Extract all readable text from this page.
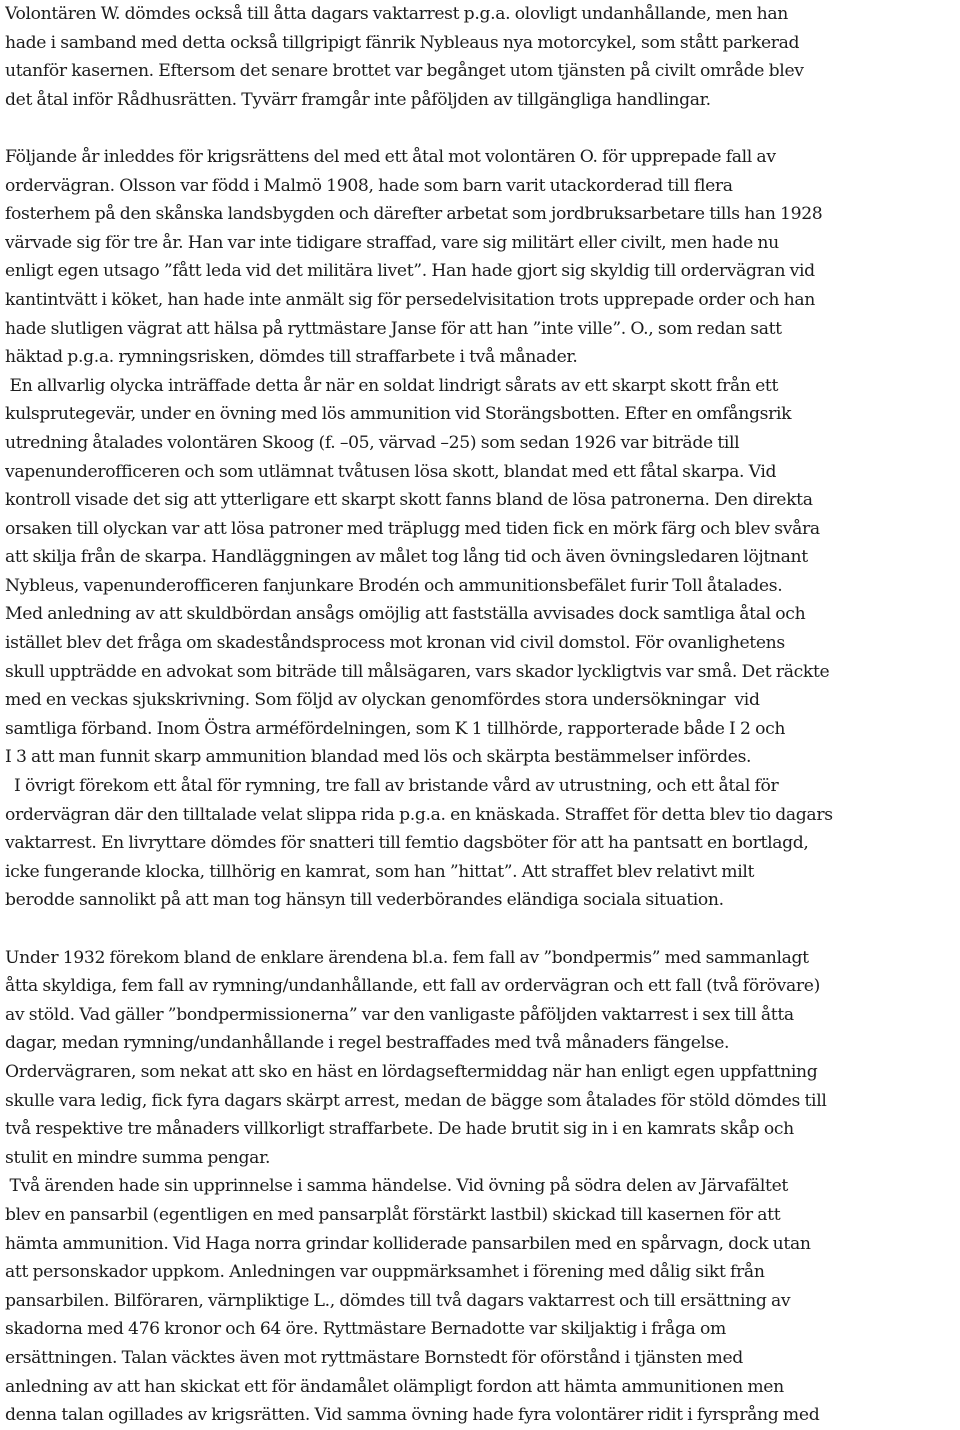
Volontären W. dömdes också till åtta dagars vaktarrest p.g.a. olovligt undanhållande, men han
hade i samband med detta också tillgripigt fänrik Nybleaus nya motorcykel, som stått parkerad
utanför kasernen. Eftersom det senare brottet var begånget utom tjänsten på civilt område blev
det åtal inför Rådhusrätten. Tyvärr framgår inte påföljden av tillgängliga handlingar.
Följande år inleddes för krigsrättens del med ett åtal mot volontären O. för upprepade fall av
ordervägran. Olsson var född i Malmö 1908, hade som barn varit utackorderad till flera
fosterhem på den skånska landsbygden och därefter arbetat som jordbruksarbetare tills han 1928
värvade sig för tre år. Han var inte tidigare straffad, vare sig militärt eller civilt, men hade nu
enligt egen utsago ”fått leda vid det militära livet”. Han hade gjort sig skyldig till ordervägran vid
kantintvätt i köket, han hade inte anmält sig för persedelvisitation trots upprepade order och han
hade slutligen vägrat att hälsa på ryttmästare Janse för att han ”inte ville”. O., som redan satt
häktad p.g.a. rymningsrisken, dömdes till straffarbete i två månader.
En allvarlig olycka inträffade detta år när en soldat lindrigt sårats av ett skarpt skott från ett
kulsprutegevär, under en övning med lös ammunition vid Storängsbotten. Efter en omfångsrik
utredning åtalades volontären Skoog (f. –05, värvad –25) som sedan 1926 var biträde till
vapenunderofficeren och som utlämnat tvåtusen lösa skott, blandat med ett fåtal skarpa. Vid
kontroll visade det sig att ytterligare ett skarpt skott fanns bland de lösa patronerna. Den direkta
orsaken till olyckan var att lösa patroner med träplugg med tiden fick en mörk färg och blev svåra
att skilja från de skarpa. Handläggningen av målet tog lång tid och även övningsledaren löjtnant
Nybleus, vapenunderofficeren fanjunkare Brodén och ammunitionsbefälet furir Toll åtalades.
Med anledning av att skuldbördan ansågs omöjlig att fastställa avvisades dock samtliga åtal och
istället blev det fråga om skadeståndsprocess mot kronan vid civil domstol. För ovanlighetens
skull uppträdde en advokat som biträde till målsägaren, vars skador lyckligtvis var små. Det räckte
med en veckas sjukskrivning. Som följd av olyckan genomfördes stora undersökningar  vid
samtliga förband. Inom Östra arméfördelningen, som K 1 tillhörde, rapporterade både I 2 och
I 3 att man funnit skarp ammunition blandad med lös och skärpta bestämmelser infördes.
I övrigt förekom ett åtal för rymning, tre fall av bristande vård av utrustning, och ett åtal för
ordervägran där den tilltalade velat slippa rida p.g.a. en knäskada. Straffet för detta blev tio dagars
vaktarrest. En livryttare dömdes för snatteri till femtio dagsböter för att ha pantsatt en bortlagd,
icke fungerande klocka, tillhörig en kamrat, som han ”hittat”. Att straffet blev relativt milt
berodde sannolikt på att man tog hänsyn till vederbörandes eländiga sociala situation.
Under 1932 förekom bland de enklare ärendena bl.a. fem fall av ”bondpermis” med sammanlagt
åtta skyldiga, fem fall av rymning/undanhållande, ett fall av ordervägran och ett fall (två förövare)
av stöld. Vad gäller ”bondpermissionerna” var den vanligaste påföljden vaktarrest i sex till åtta
dagar, medan rymning/undanhållande i regel bestraffades med två månaders fängelse.
Ordervägraren, som nekat att sko en häst en lördagseftermiddag när han enligt egen uppfattning
skulle vara ledig, fick fyra dagars skärpt arrest, medan de bägge som åtalades för stöld dömdes till
två respektive tre månaders villkorligt straffarbete. De hade brutit sig in i en kamrats skåp och
stulit en mindre summa pengar.
Två ärenden hade sin upprinnelse i samma händelse. Vid övning på södra delen av Järvafältet
blev en pansarbil (egentligen en med pansarplåt förstärkt lastbil) skickad till kasernen för att
hämta ammunition. Vid Haga norra grindar kolliderade pansarbilen med en spårvagn, dock utan
att personskador uppkom. Anledningen var ouppmärksamhet i förening med dålig sikt från
pansarbilen. Bilföraren, värnpliktige L., dömdes till två dagars vaktarrest och till ersättning av
skadorna med 476 kronor och 64 öre. Ryttmästare Bernadotte var skiljaktig i fråga om
ersättningen. Talan väcktes även mot ryttmästare Bornstedt för oförstånd i tjänsten med
anledning av att han skickat ett för ändamålet olämpligt fordon att hämta ammunitionen men
denna talan ogillades av krigsrätten. Vid samma övning hade fyra volontärer ridit i fyrsprång med
